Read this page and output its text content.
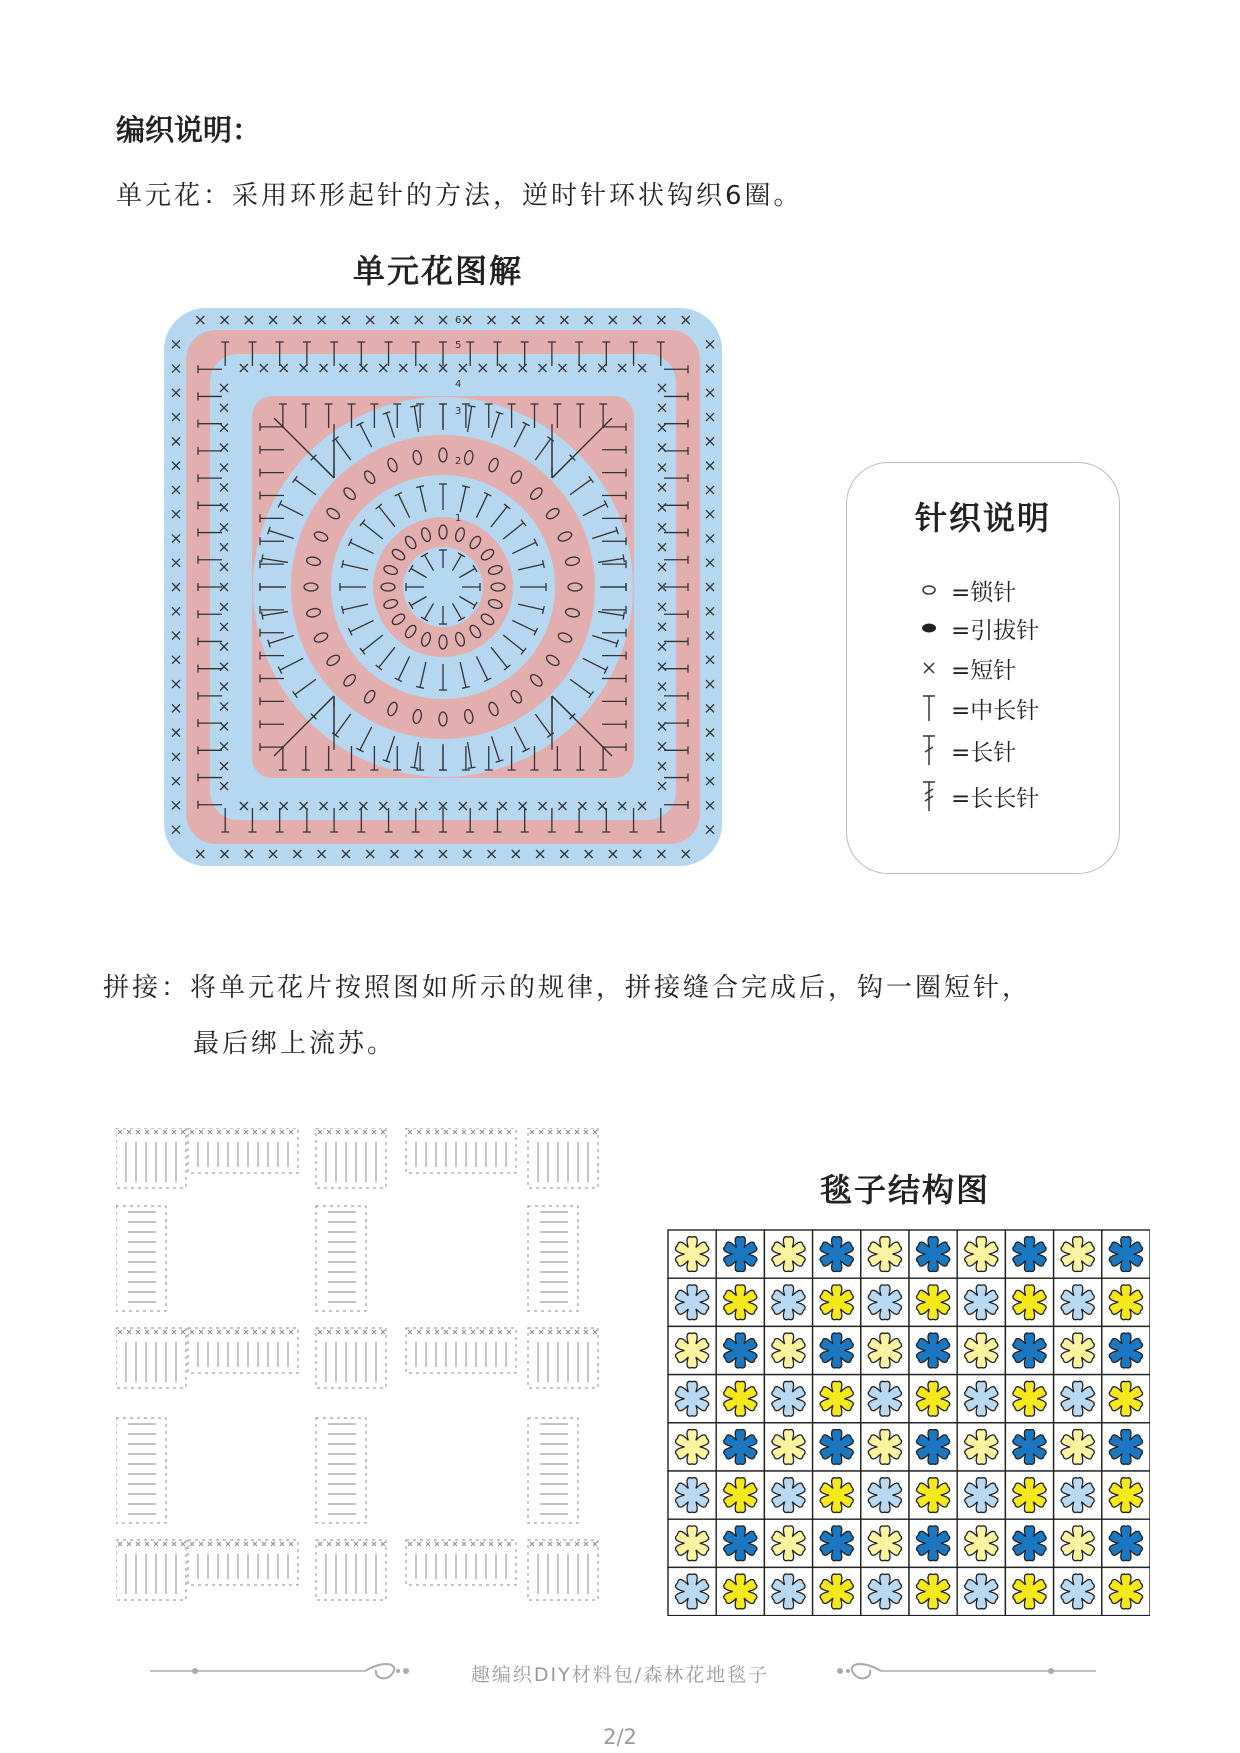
编织说明：
单元花：采用环形起针的方法，逆时针环状钩织6圈。
单元花图解
1
2
3
4
5
6
针织说明
=锁针
=引拔针
=短针
=中长针
=长针
=长长针
拼接：将单元花片按照图如所示的规律，拼接缝合完成后，钩一圈短针，
最后绑上流苏。
毯子结构图
趣编织DIY材料包/森林花地毯子
2/2
